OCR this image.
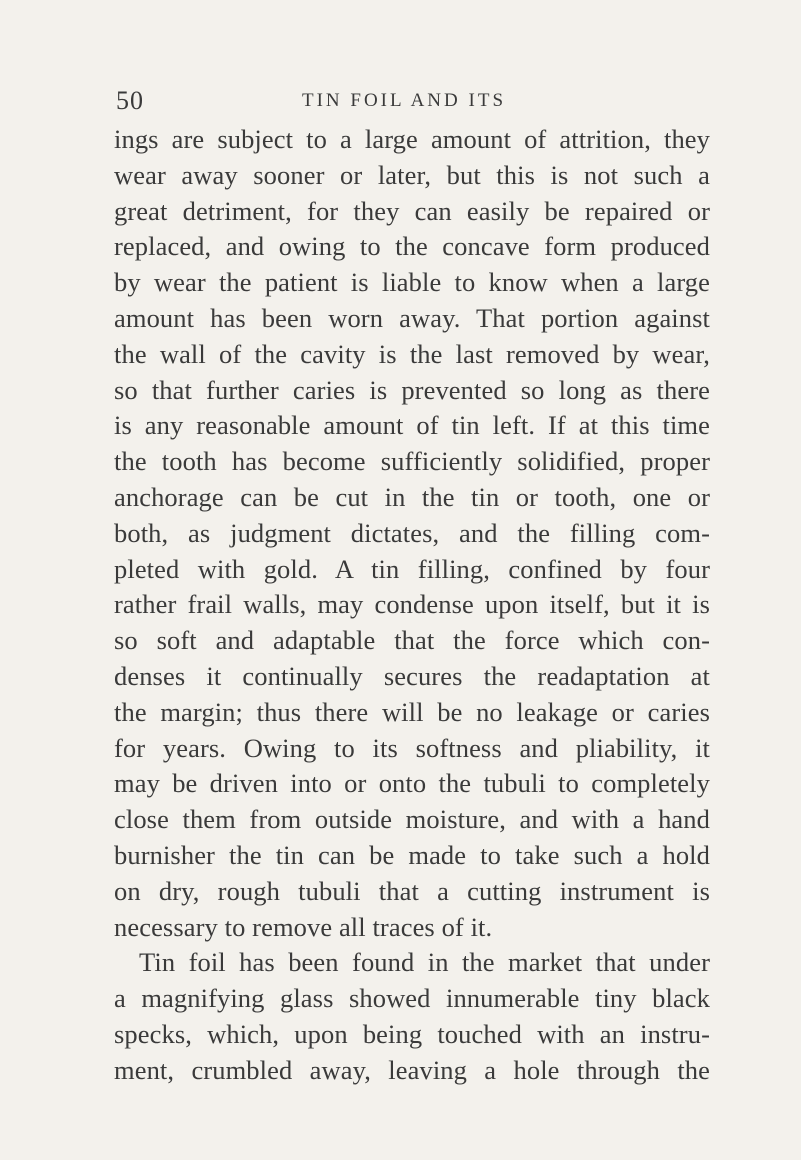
50	TIN FOIL AND ITS
ings are subject to a large amount of attrition, they
wear away sooner or later, but this is not such a
great detriment, for they can easily be repaired or
replaced, and owing to the concave form produced
by wear the patient is liable to know when a large
amount has been worn away. That portion against
the wall of the cavity is the last removed by wear,
so that further caries is prevented so long as there
is any reasonable amount of tin left. If at this time
the tooth has become sufficiently solidified, proper
anchorage can be cut in the tin or tooth, one or
both, as judgment dictates, and the filling com-
pleted with gold. A tin filling, confined by four
rather frail walls, may condense upon itself, but it is
so soft and adaptable that the force which con-
denses it continually secures the readaptation at
the margin; thus there will be no leakage or caries
for years. Owing to its softness and pliability, it
may be driven into or onto the tubuli to completely
close them from outside moisture, and with a hand
burnisher the tin can be made to take such a hold
on dry, rough tubuli that a cutting instrument is
necessary to remove all traces of it.
Tin foil has been found in the market that under
a magnifying glass showed innumerable tiny black
specks, which, upon being touched with an instru-
ment, crumbled away, leaving a hole through the
